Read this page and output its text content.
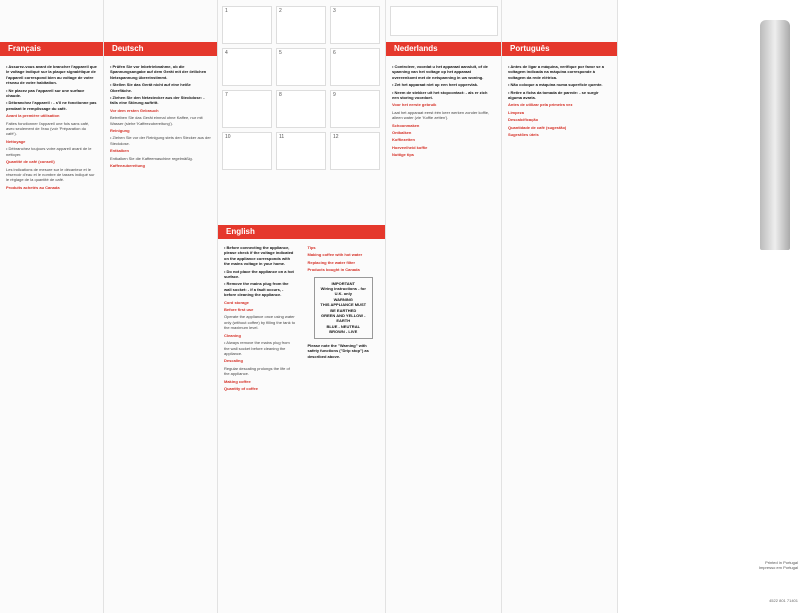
Français

• Assurez-vous avant de brancher l'appareil que le voltage indiqué sur la plaque signalétique de l'appareil correspond bien au voltage de votre réseau de votre habitation.

• Ne placez pas l'appareil sur une surface chaude.

• Débranchez l'appareil : - s'il ne fonctionne pas pendant le remplissage du café.

Avant la première utilisation

Faites fonctionner l'appareil une fois sans café, avec seulement de l'eau (voir 'Préparation du café').

Nettoyage

• Débranchez toujours votre appareil avant de le nettoyer.

Quantité de café (conseil)

Les indications de mesure sur le décanteur et le réservoir d'eau et le nombre de tasses indiqué sur le réglage de la quantité de café.

Produits achetés au Canada

Deutsch

• Prüfen Sie vor Inbetriebnahme, ob die Spannungsangabe auf dem Gerät mit der örtlichen Netzspannung übereinstimmt.

• Stellen Sie das Gerät nicht auf eine heiße Oberfläche.

• Ziehen Sie den Netzstecker aus der Steckdose: - falls eine Störung auftritt.

Vor dem ersten Gebrauch

Betreiben Sie das Gerät einmal ohne Kaffee, nur mit Wasser (siehe 'Kaffeezubereitung').

Reinigung

• Ziehen Sie vor der Reinigung stets den Stecker aus der Steckdose.

Entkalken

Entkalken Sie die Kaffeemaschine regelmäßig.

Kaffeezubereitung

1	2	3
4	5	6
7	8	9
10	11	12
English

• Before connecting the appliance, please check if the voltage indicated on the appliance corresponds with the mains voltage in your home.

• Do not place the appliance on a hot surface.

• Remove the mains plug from the wall socket: - if a fault occurs, - before cleaning the appliance.

Cord storage

Before first use

Operate the appliance once using water only (without coffee) by filling the tank to the maximum level.

Cleaning

• Always remove the mains plug from the wall socket before cleaning the appliance.

Descaling

Regular descaling prolongs the life of the appliance.

Making coffee

Quantity of coffee

Tips

Making coffee with hot water

Replacing the water filter

Products bought in Canada

IMPORTANT
Wiring instructions - for U.K. only
WARNING
THIS APPLIANCE MUST BE EARTHED
GREEN AND YELLOW - EARTH
BLUE - NEUTRAL
BROWN - LIVE

Please note the "Warning" with safety functions ("Drip stop") as described above.

Nederlands

• Controleer, voordat u het apparaat aansluit, of de spanning van het voltage op het apparaat overeenkomt met de netspanning in uw woning.

• Zet het apparaat niet op een heet oppervlak.

• Neem de stekker uit het stopcontact: - als er zich een storing voordoet.

Voor het eerste gebruik

Laat het apparaat eerst één keer werken zonder koffie, alleen water (zie 'Koffie zetten').

Schoonmaken

Ontkalken

Koffiezetten

Hoeveelheid koffie

Nuttige tips

Português

• Antes de ligar a máquina, verifique por favor se a voltagem indicada na máquina corresponde à voltagem da rede elétrica.

• Não coloque a máquina numa superfície quente.

• Retire a ficha da tomada de parede: - se surgir alguma avaria.

Antes de utilizar pela primeira vez

Limpeza

Descalcificação

Quantidade de café (sugestão)

Sugestões úteis

Printed in Portugal
Impresso em Portugal
4522 801 71401
